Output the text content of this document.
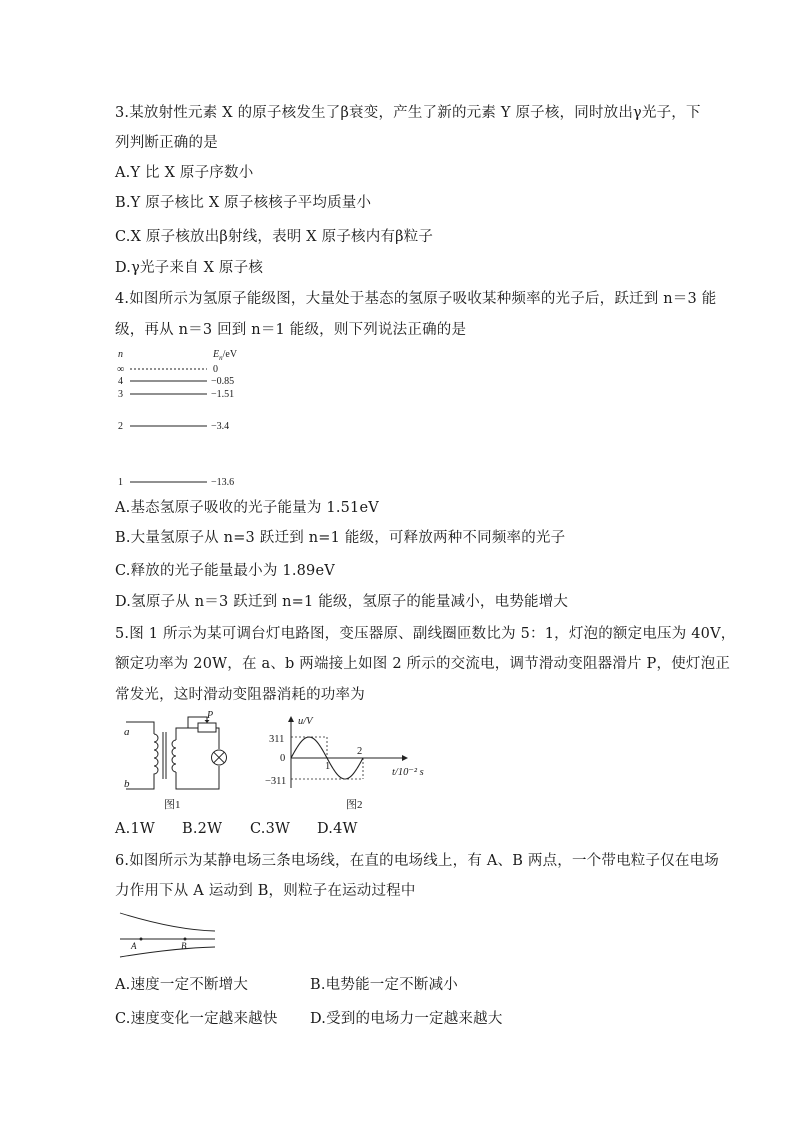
3.某放射性元素 X 的原子核发生了β衰变，产生了新的元素 Y 原子核，同时放出γ光子，下
列判断正确的是
A.Y 比 X 原子序数小
B.Y 原子核比 X 原子核核子平均质量小
C.X 原子核放出β射线，表明 X 原子核内有β粒子
D.γ光子来自 X 原子核
4.如图所示为氢原子能级图，大量处于基态的氢原子吸收某种频率的光子后，跃迁到 n＝3 能
级，再从 n＝3 回到 n＝1 能级，则下列说法正确的是
n	$E_n/eV$
∞	0
4	−0.85
3	−1.51
2	−3.4
1	−13.6
A.基态氢原子吸收的光子能量为 1.51eV
B.大量氢原子从 n=3 跃迁到 n=1 能级，可释放两种不同频率的光子
C.释放的光子能量最小为 1.89eV
D.氢原子从 n＝3 跃迁到 n=1 能级，氢原子的能量减小，电势能增大
5.图 1 所示为某可调台灯电路图，变压器原、副线圈匝数比为 5：1，灯泡的额定电压为 40V，
额定功率为 20W，在 a、b 两端接上如图 2 所示的交流电，调节滑动变阻器滑片 P，使灯泡正
常发光，这时滑动变阻器消耗的功率为
a
b
P
图1
u/V
t/10⁻² s
311
0
−311
1
2
图2
A.1W B.2W C.3W D.4W
6.如图所示为某静电场三条电场线，在直的电场线上，有 A、B 两点，一个带电粒子仅在电场
力作用下从 A 运动到 B，则粒子在运动过程中
A	B
A.速度一定不断增大	B.电势能一定不断减小
C.速度变化一定越来越快 D.受到的电场力一定越来越大
